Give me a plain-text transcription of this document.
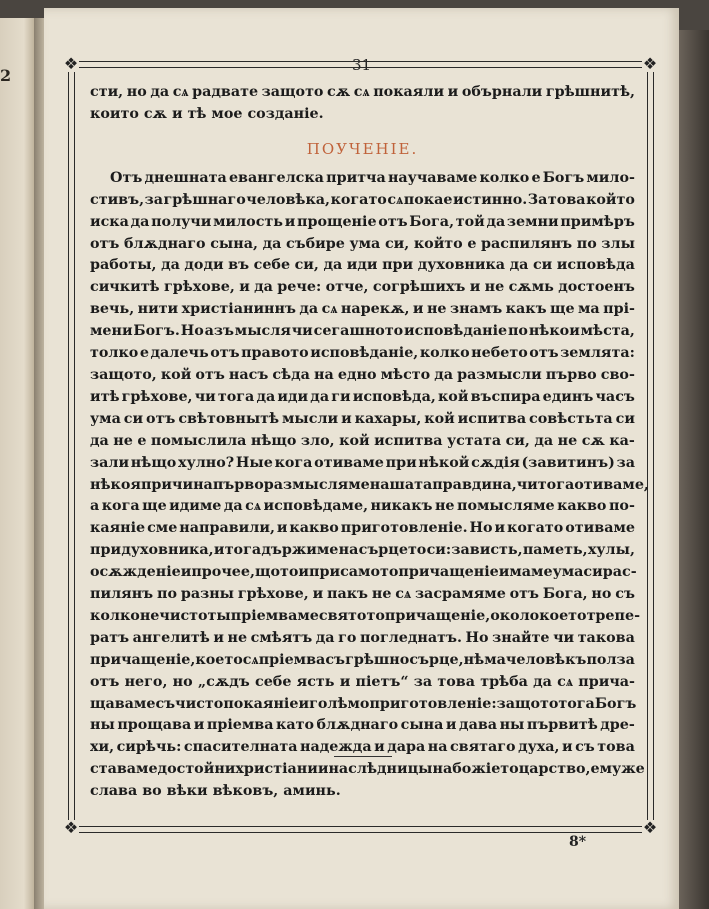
2
31
❖	❖
❖	❖
сти, но да сѧ радвате защото сѫ сѧ покаяли и обърнали грѣшнитѣ,
които сѫ и тѣ мое созданіе.
ПОУЧЕНІЕ.
Отъ днешната евангелска притча научаваме колко е Богъ мило-
стивъ, за грѣшнаго человѣка, когато сѧ покае истинно. За това който
иска да получи милость и прощеніе отъ Бога, той да земни примѣръ
отъ блѫднаго сына, да събире ума си, който е распилянъ по злы
работы, да доди въ себе си, да иди при духовника да си исповѣда
сичкитѣ грѣхове, и да рече: отче, согрѣшихъ и не сѫмь достоенъ
вечь, нити христіаниннъ да сѧ нарекѫ, и не знамъ какъ ще ма прі-
мени Богъ. Но азъ мысля чи сегашното исповѣданіе по нѣкои мѣста,
толко е далечь отъ правото исповѣданіе, колко небето отъ землята:
защото, кой отъ насъ сѣда на едно мѣсто да размысли първо сво-
итѣ грѣхове, чи тога да иди да ги исповѣда, кой въспира единъ часъ
ума си отъ свѣтовнытѣ мысли и кахары, кой испитва совѣстьта си
да не е помыслила нѣщо зло, кой испитва устата си, да не сѫ ка-
зали нѣщо хулно? Ные кога отиваме при нѣкой сѫдія (завитинъ) за
нѣкоя причина първо размысляме нашата правдина, чи тога отиваме,
а кога ще идиме да сѧ исповѣдаме, никакъ не помысляме какво по-
каяніе сме направили, и какво приготовленіе. Но и когато отиваме
при духовника, и тога държиме на сърцето си: зависть, паметь, хулы,
осѫжденіе и прочее, щото и при самото причащеніе имаме ума си рас-
пилянъ по разны грѣхове, и пакъ не сѧ засрамяме отъ Бога, но съ
колко нечистоты пріемваме святото причащеніе, около което трепе-
ратъ ангелитѣ и не смѣятъ да го погледнатъ. Но знайте чи такова
причащеніе, което сѧ пріемва съ грѣшно сърце, нѣма человѣкъ полза
отъ него, но „сѫдъ себе ясть и піетъ“ за това трѣба да сѧ прича-
щаваме съ чисто покаяніе и голѣмо приготовленіе: защото тога Богъ
ны прощава и пріемва като блѫднаго сына и дава ны първитѣ дре-
хи, сирѣчь: спасителната надежда и дара на святаго духа, и съ това
ставаме достойни христіани и наслѣдницы на божіето царство, емуже
слава во вѣки вѣковъ, аминь.
8*
